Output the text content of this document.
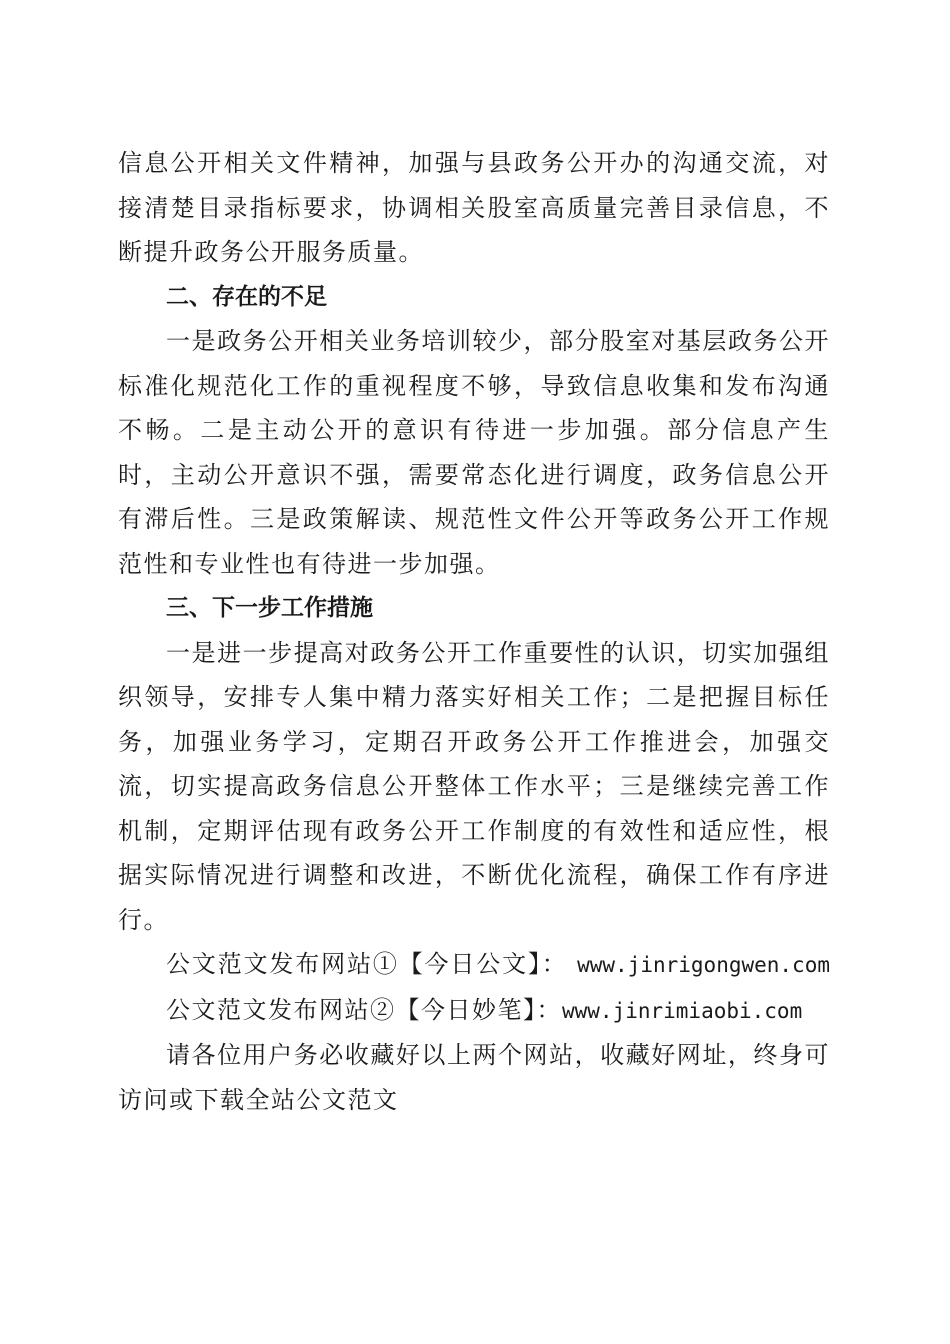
信息公开相关文件精神，加强与县政务公开办的沟通交流，对接清楚目录指标要求，协调相关股室高质量完善目录信息，不断提升政务公开服务质量。

二、存在的不足

一是政务公开相关业务培训较少，部分股室对基层政务公开标准化规范化工作的重视程度不够，导致信息收集和发布沟通不畅。二是主动公开的意识有待进一步加强。部分信息产生时，主动公开意识不强，需要常态化进行调度，政务信息公开有滞后性。三是政策解读、规范性文件公开等政务公开工作规范性和专业性也有待进一步加强。

三、下一步工作措施

一是进一步提高对政务公开工作重要性的认识，切实加强组织领导，安排专人集中精力落实好相关工作；二是把握目标任务，加强业务学习，定期召开政务公开工作推进会，加强交流，切实提高政务信息公开整体工作水平；三是继续完善工作机制，定期评估现有政务公开工作制度的有效性和适应性，根据实际情况进行调整和改进，不断优化流程，确保工作有序进行。

公文范文发布网站①【今日公文】： www.jinrigongwen.com

公文范文发布网站②【今日妙笔】：www.jinrimiaobi.com

请各位用户务必收藏好以上两个网站，收藏好网址，终身可访问或下载全站公文范文
